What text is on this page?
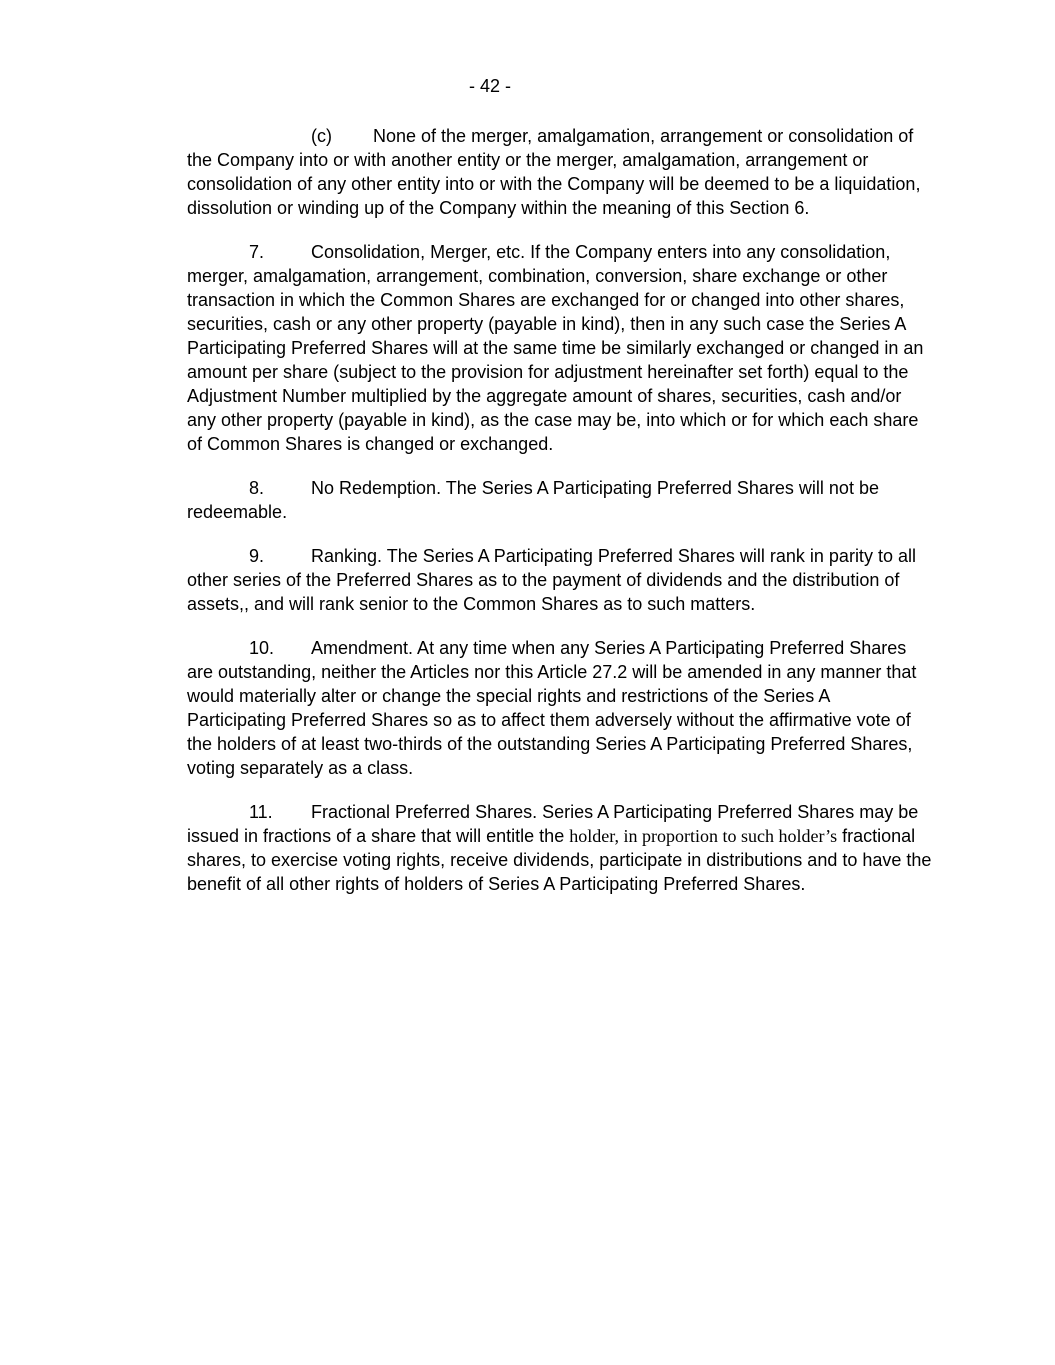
- 42 -

(c) None of the merger, amalgamation, arrangement or consolidation of the Company into or with another entity or the merger, amalgamation, arrangement or consolidation of any other entity into or with the Company will be deemed to be a liquidation, dissolution or winding up of the Company within the meaning of this Section 6.

7.	Consolidation, Merger, etc. If the Company enters into any consolidation, merger, amalgamation, arrangement, combination, conversion, share exchange or other transaction in which the Common Shares are exchanged for or changed into other shares, securities, cash or any other property (payable in kind), then in any such case the Series A Participating Preferred Shares will at the same time be similarly exchanged or changed in an amount per share (subject to the provision for adjustment hereinafter set forth) equal to the Adjustment Number multiplied by the aggregate amount of shares, securities, cash and/or any other property (payable in kind), as the case may be, into which or for which each share of Common Shares is changed or exchanged.

8.	No Redemption. The Series A Participating Preferred Shares will not be redeemable.

9.	Ranking. The Series A Participating Preferred Shares will rank in parity to all other series of the Preferred Shares as to the payment of dividends and the distribution of assets,, and will rank senior to the Common Shares as to such matters.

10. Amendment. At any time when any Series A Participating Preferred Shares are outstanding, neither the Articles nor this Article 27.2 will be amended in any manner that would materially alter or change the special rights and restrictions of the Series A Participating Preferred Shares so as to affect them adversely without the affirmative vote of the holders of at least two-thirds of the outstanding Series A Participating Preferred Shares, voting separately as a class.

11. Fractional Preferred Shares. Series A Participating Preferred Shares may be issued in fractions of a share that will entitle the holder, in proportion to such holder’s fractional shares, to exercise voting rights, receive dividends, participate in distributions and to have the benefit of all other rights of holders of Series A Participating Preferred Shares.
